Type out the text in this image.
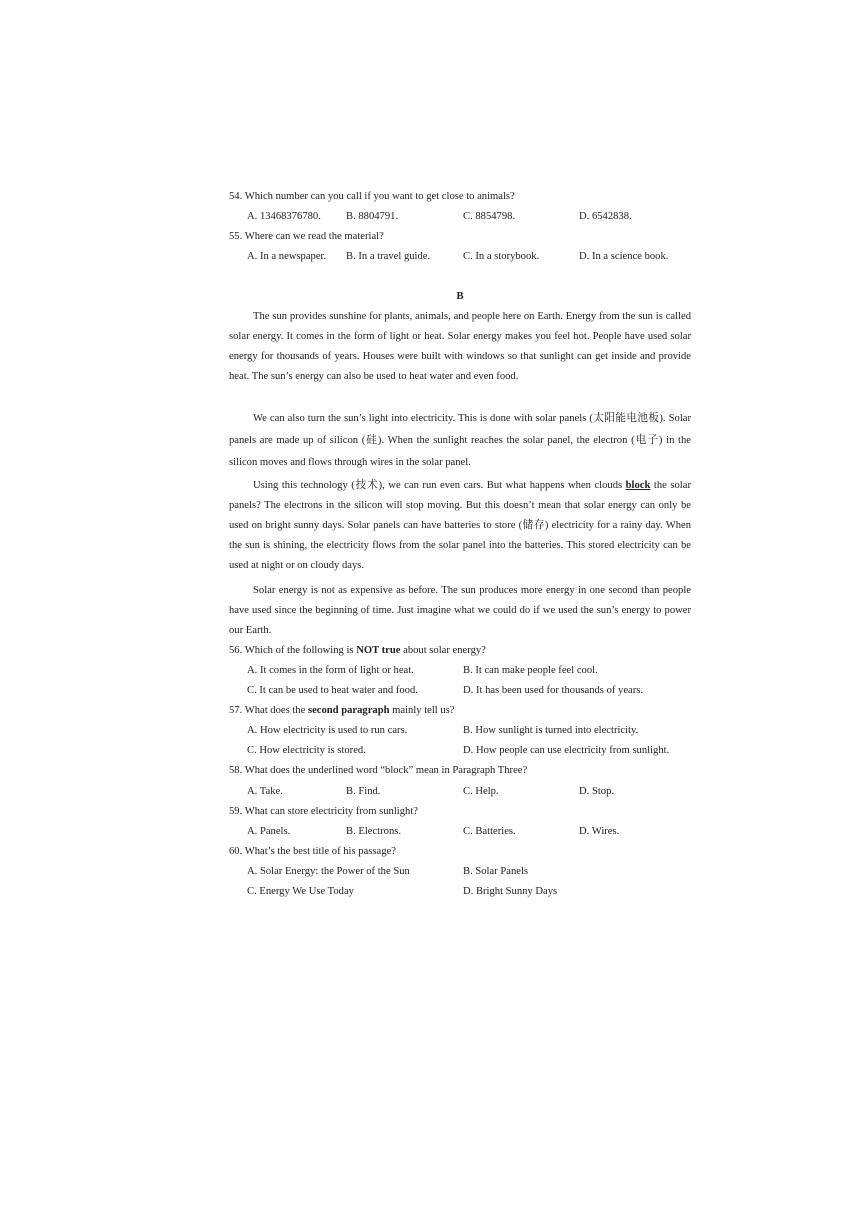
54. Which number can you call if you want to get close to animals?
A. 13468376780. B. 8804791.	C. 8854798.	D. 6542838.
55. Where can we read the material?
A. In a newspaper. B. In a travel guide.	C. In a storybook.	D. In a science book.
B
The sun provides sunshine for plants, animals, and people here on Earth. Energy from the sun is called solar energy. It comes in the form of light or heat. Solar energy makes you feel hot. People have used solar energy for thousands of years. Houses were built with windows so that sunlight can get inside and provide heat. The sun’s energy can also be used to heat water and even food.
We can also turn the sun’s light into electricity. This is done with solar panels (太阳能电池板). Solar panels are made up of silicon (硅). When the sunlight reaches the solar panel, the electron (电子) in the silicon moves and flows through wires in the solar panel.
Using this technology (技术), we can run even cars. But what happens when clouds block the solar panels? The electrons in the silicon will stop moving. But this doesn’t mean that solar energy can only be used on bright sunny days. Solar panels can have batteries to store (储存) electricity for a rainy day. When the sun is shining, the electricity flows from the solar panel into the batteries. This stored electricity can be used at night or on cloudy days.
Solar energy is not as expensive as before. The sun produces more energy in one second than people have used since the beginning of time. Just imagine what we could do if we used the sun’s energy to power our Earth.
56. Which of the following is NOT true about solar energy?
A. It comes in the form of light or heat.	B. It can make people feel cool.
C. It can be used to heat water and food.	D. It has been used for thousands of years.
57. What does the second paragraph mainly tell us?
A. How electricity is used to run cars.	B. How sunlight is turned into electricity.
C. How electricity is stored.	D. How people can use electricity from sunlight.
58. What does the underlined word “block” mean in Paragraph Three?
A. Take.	B. Find.	C. Help.	D. Stop.
59. What can store electricity from sunlight?
A. Panels.	B. Electrons.	C. Batteries.	D. Wires.
60. What’s the best title of his passage?
A. Solar Energy: the Power of the Sun	B. Solar Panels
C. Energy We Use Today	D. Bright Sunny Days
